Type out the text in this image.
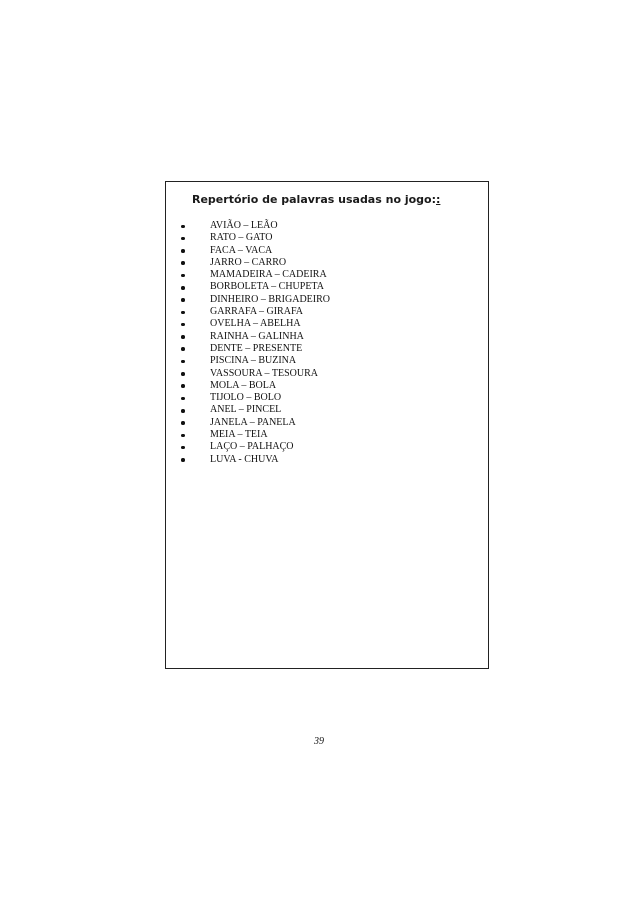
Repertório de palavras usadas no jogo::
AVIÃO – LEÃO
RATO – GATO
FACA – VACA
JARRO – CARRO
MAMADEIRA – CADEIRA
BORBOLETA – CHUPETA
DINHEIRO – BRIGADEIRO
GARRAFA – GIRAFA
OVELHA – ABELHA
RAINHA – GALINHA
DENTE – PRESENTE
PISCINA – BUZINA
VASSOURA – TESOURA
MOLA – BOLA
TIJOLO – BOLO
ANEL – PINCEL
JANELA – PANELA
MEIA – TEIA
LAÇO – PALHAÇO
LUVA - CHUVA
39
